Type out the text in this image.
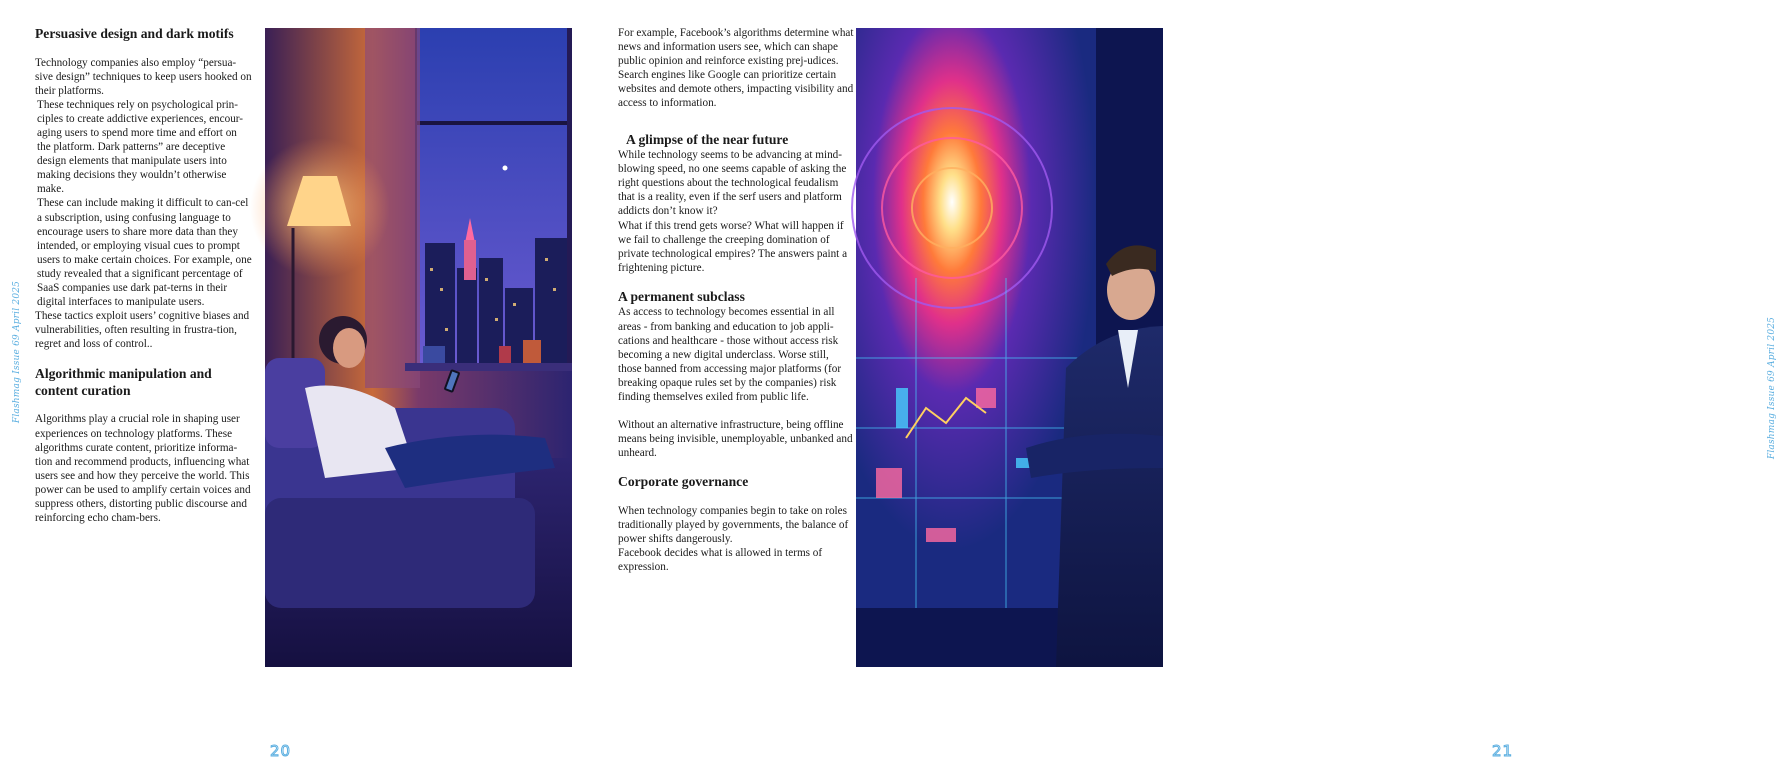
Flashmag Issue 69 April 2025
Persuasive design and dark motifs

Technology companies also employ “persua-sive design” techniques to keep users hooked on their platforms.

These techniques rely on psychological prin-ciples to create addictive experiences, encour-aging users to spend more time and effort on the platform. Dark patterns” are deceptive design elements that manipulate users into making decisions they wouldn’t otherwise make.

These can include making it difficult to can-cel a subscription, using confusing language to encourage users to share more data than they intended, or employing visual cues to prompt users to make certain choices. For example, one study revealed that a significant percentage of SaaS companies use dark pat-terns in their digital interfaces to manipulate users.

These tactics exploit users’ cognitive biases and vulnerabilities, often resulting in frustra-tion, regret and loss of control..

Algorithmic manipulation and content curation

Algorithms play a crucial role in shaping user experiences on technology platforms. These algorithms curate content, prioritize informa-tion and recommend products, influencing what users see and how they perceive the world. This power can be used to amplify certain voices and suppress others, distorting public discourse and reinforcing echo cham-bers.

20
Flashmag Issue 69 April 2025
21

For example, Facebook’s algorithms determine what news and information users see, which can shape public opinion and reinforce existing prej-udices. Search engines like Google can prioritize certain websites and demote others, impacting visibility and access to information.

A glimpse of the near future

While technology seems to be advancing at mind-blowing speed, no one seems capable of asking the right questions about the technological feudalism that is a reality, even if the serf users and platform addicts don’t know it?

What if this trend gets worse? What will happen if we fail to challenge the creeping domination of private technological empires? The answers paint a frightening picture.

A permanent subclass

As access to technology becomes essential in all areas - from banking and education to job appli-cations and healthcare - those without access risk becoming a new digital underclass. Worse still, those banned from accessing major platforms (for breaking opaque rules set by the companies) risk finding themselves exiled from public life.

Without an alternative infrastructure, being offline means being invisible, unemployable, unbanked and unheard.

Corporate governance

When technology companies begin to take on roles traditionally played by governments, the balance of power shifts dangerously.

Facebook decides what is allowed in terms of expression.
